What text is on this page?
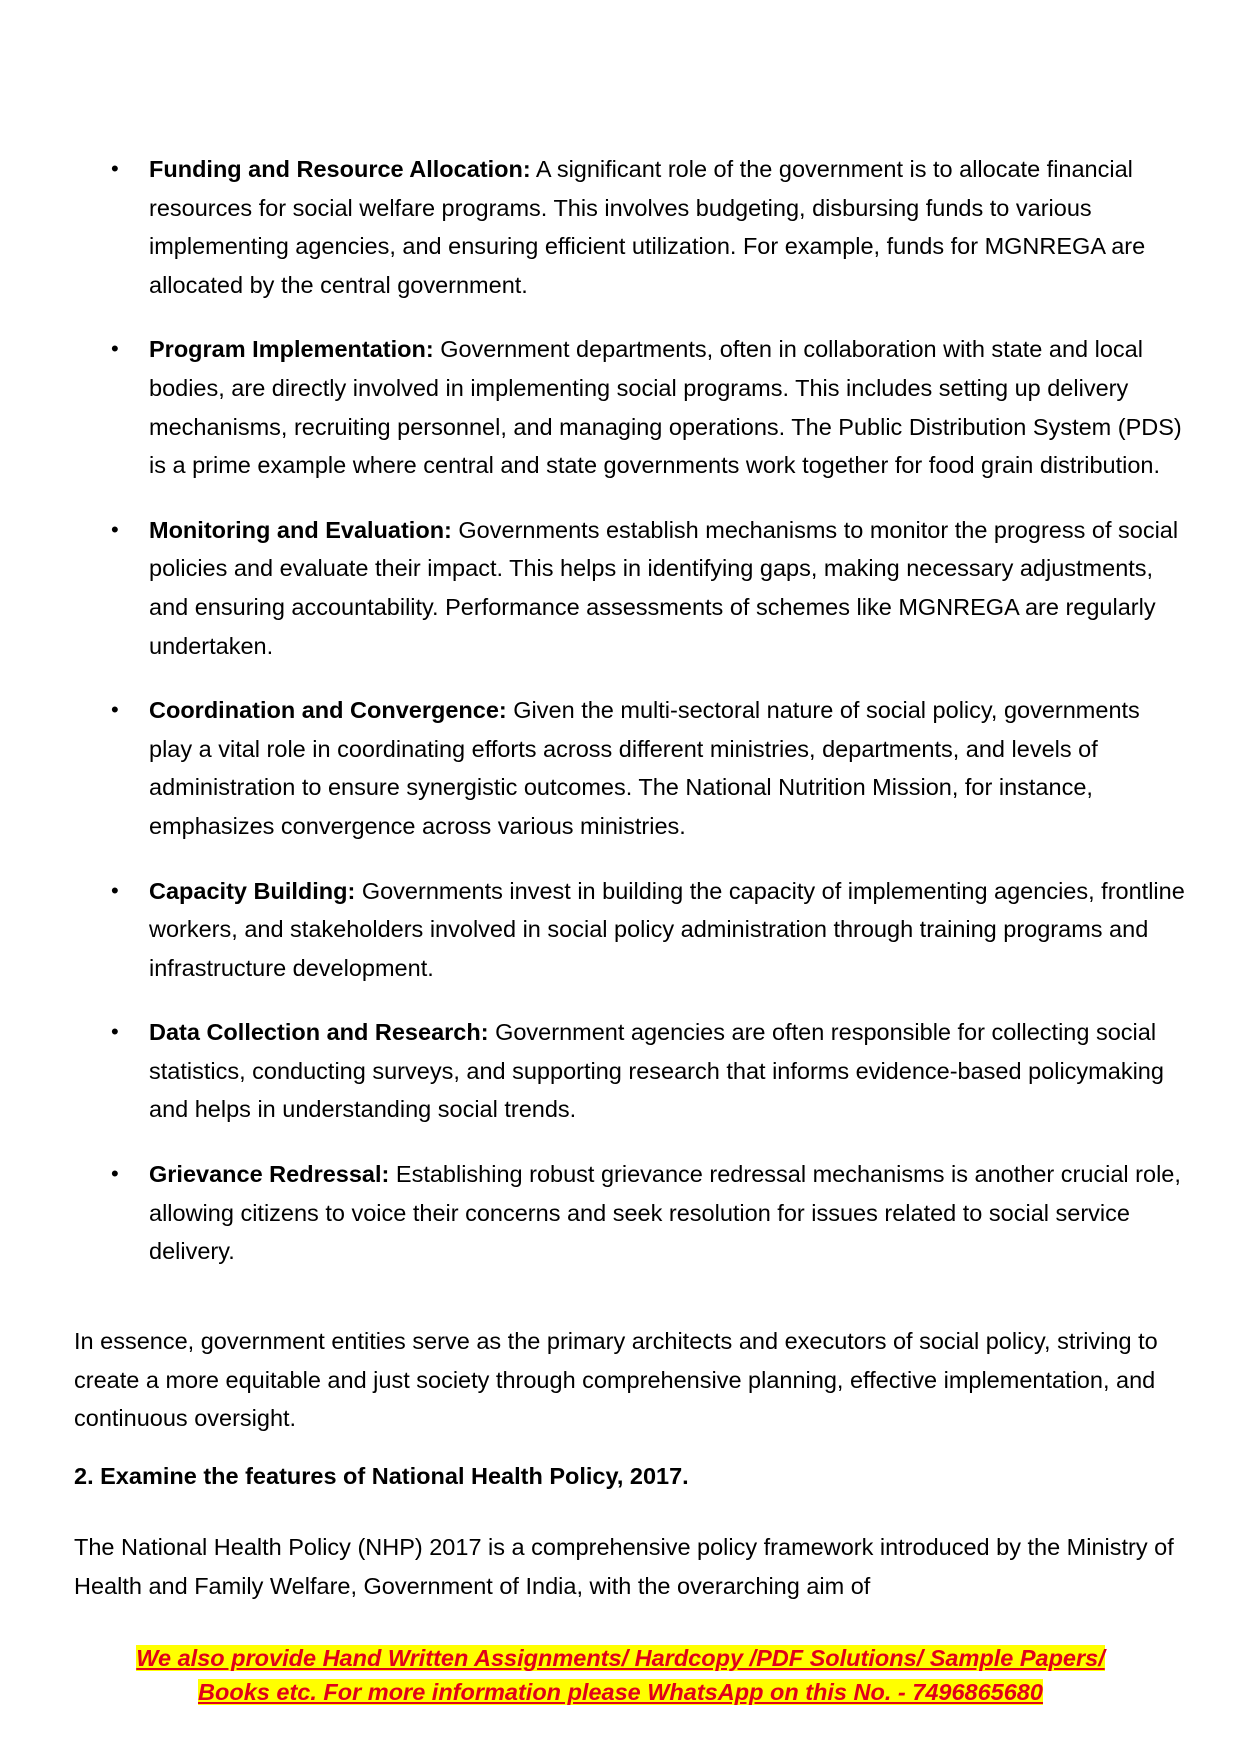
• Funding and Resource Allocation: A significant role of the government is to allocate financial resources for social welfare programs. This involves budgeting, disbursing funds to various implementing agencies, and ensuring efficient utilization. For example, funds for MGNREGA are allocated by the central government.
• Program Implementation: Government departments, often in collaboration with state and local bodies, are directly involved in implementing social programs. This includes setting up delivery mechanisms, recruiting personnel, and managing operations. The Public Distribution System (PDS) is a prime example where central and state governments work together for food grain distribution.
• Monitoring and Evaluation: Governments establish mechanisms to monitor the progress of social policies and evaluate their impact. This helps in identifying gaps, making necessary adjustments, and ensuring accountability. Performance assessments of schemes like MGNREGA are regularly undertaken.
• Coordination and Convergence: Given the multi-sectoral nature of social policy, governments play a vital role in coordinating efforts across different ministries, departments, and levels of administration to ensure synergistic outcomes. The National Nutrition Mission, for instance, emphasizes convergence across various ministries.
• Capacity Building: Governments invest in building the capacity of implementing agencies, frontline workers, and stakeholders involved in social policy administration through training programs and infrastructure development.
• Data Collection and Research: Government agencies are often responsible for collecting social statistics, conducting surveys, and supporting research that informs evidence-based policymaking and helps in understanding social trends.
• Grievance Redressal: Establishing robust grievance redressal mechanisms is another crucial role, allowing citizens to voice their concerns and seek resolution for issues related to social service delivery.

In essence, government entities serve as the primary architects and executors of social policy, striving to create a more equitable and just society through comprehensive planning, effective implementation, and continuous oversight.

2. Examine the features of National Health Policy, 2017.

The National Health Policy (NHP) 2017 is a comprehensive policy framework introduced by the Ministry of Health and Family Welfare, Government of India, with the overarching aim of

We also provide Hand Written Assignments/ Hardcopy /PDF Solutions/ Sample Papers/
Books etc. For more information please WhatsApp on this No. - 7496865680
